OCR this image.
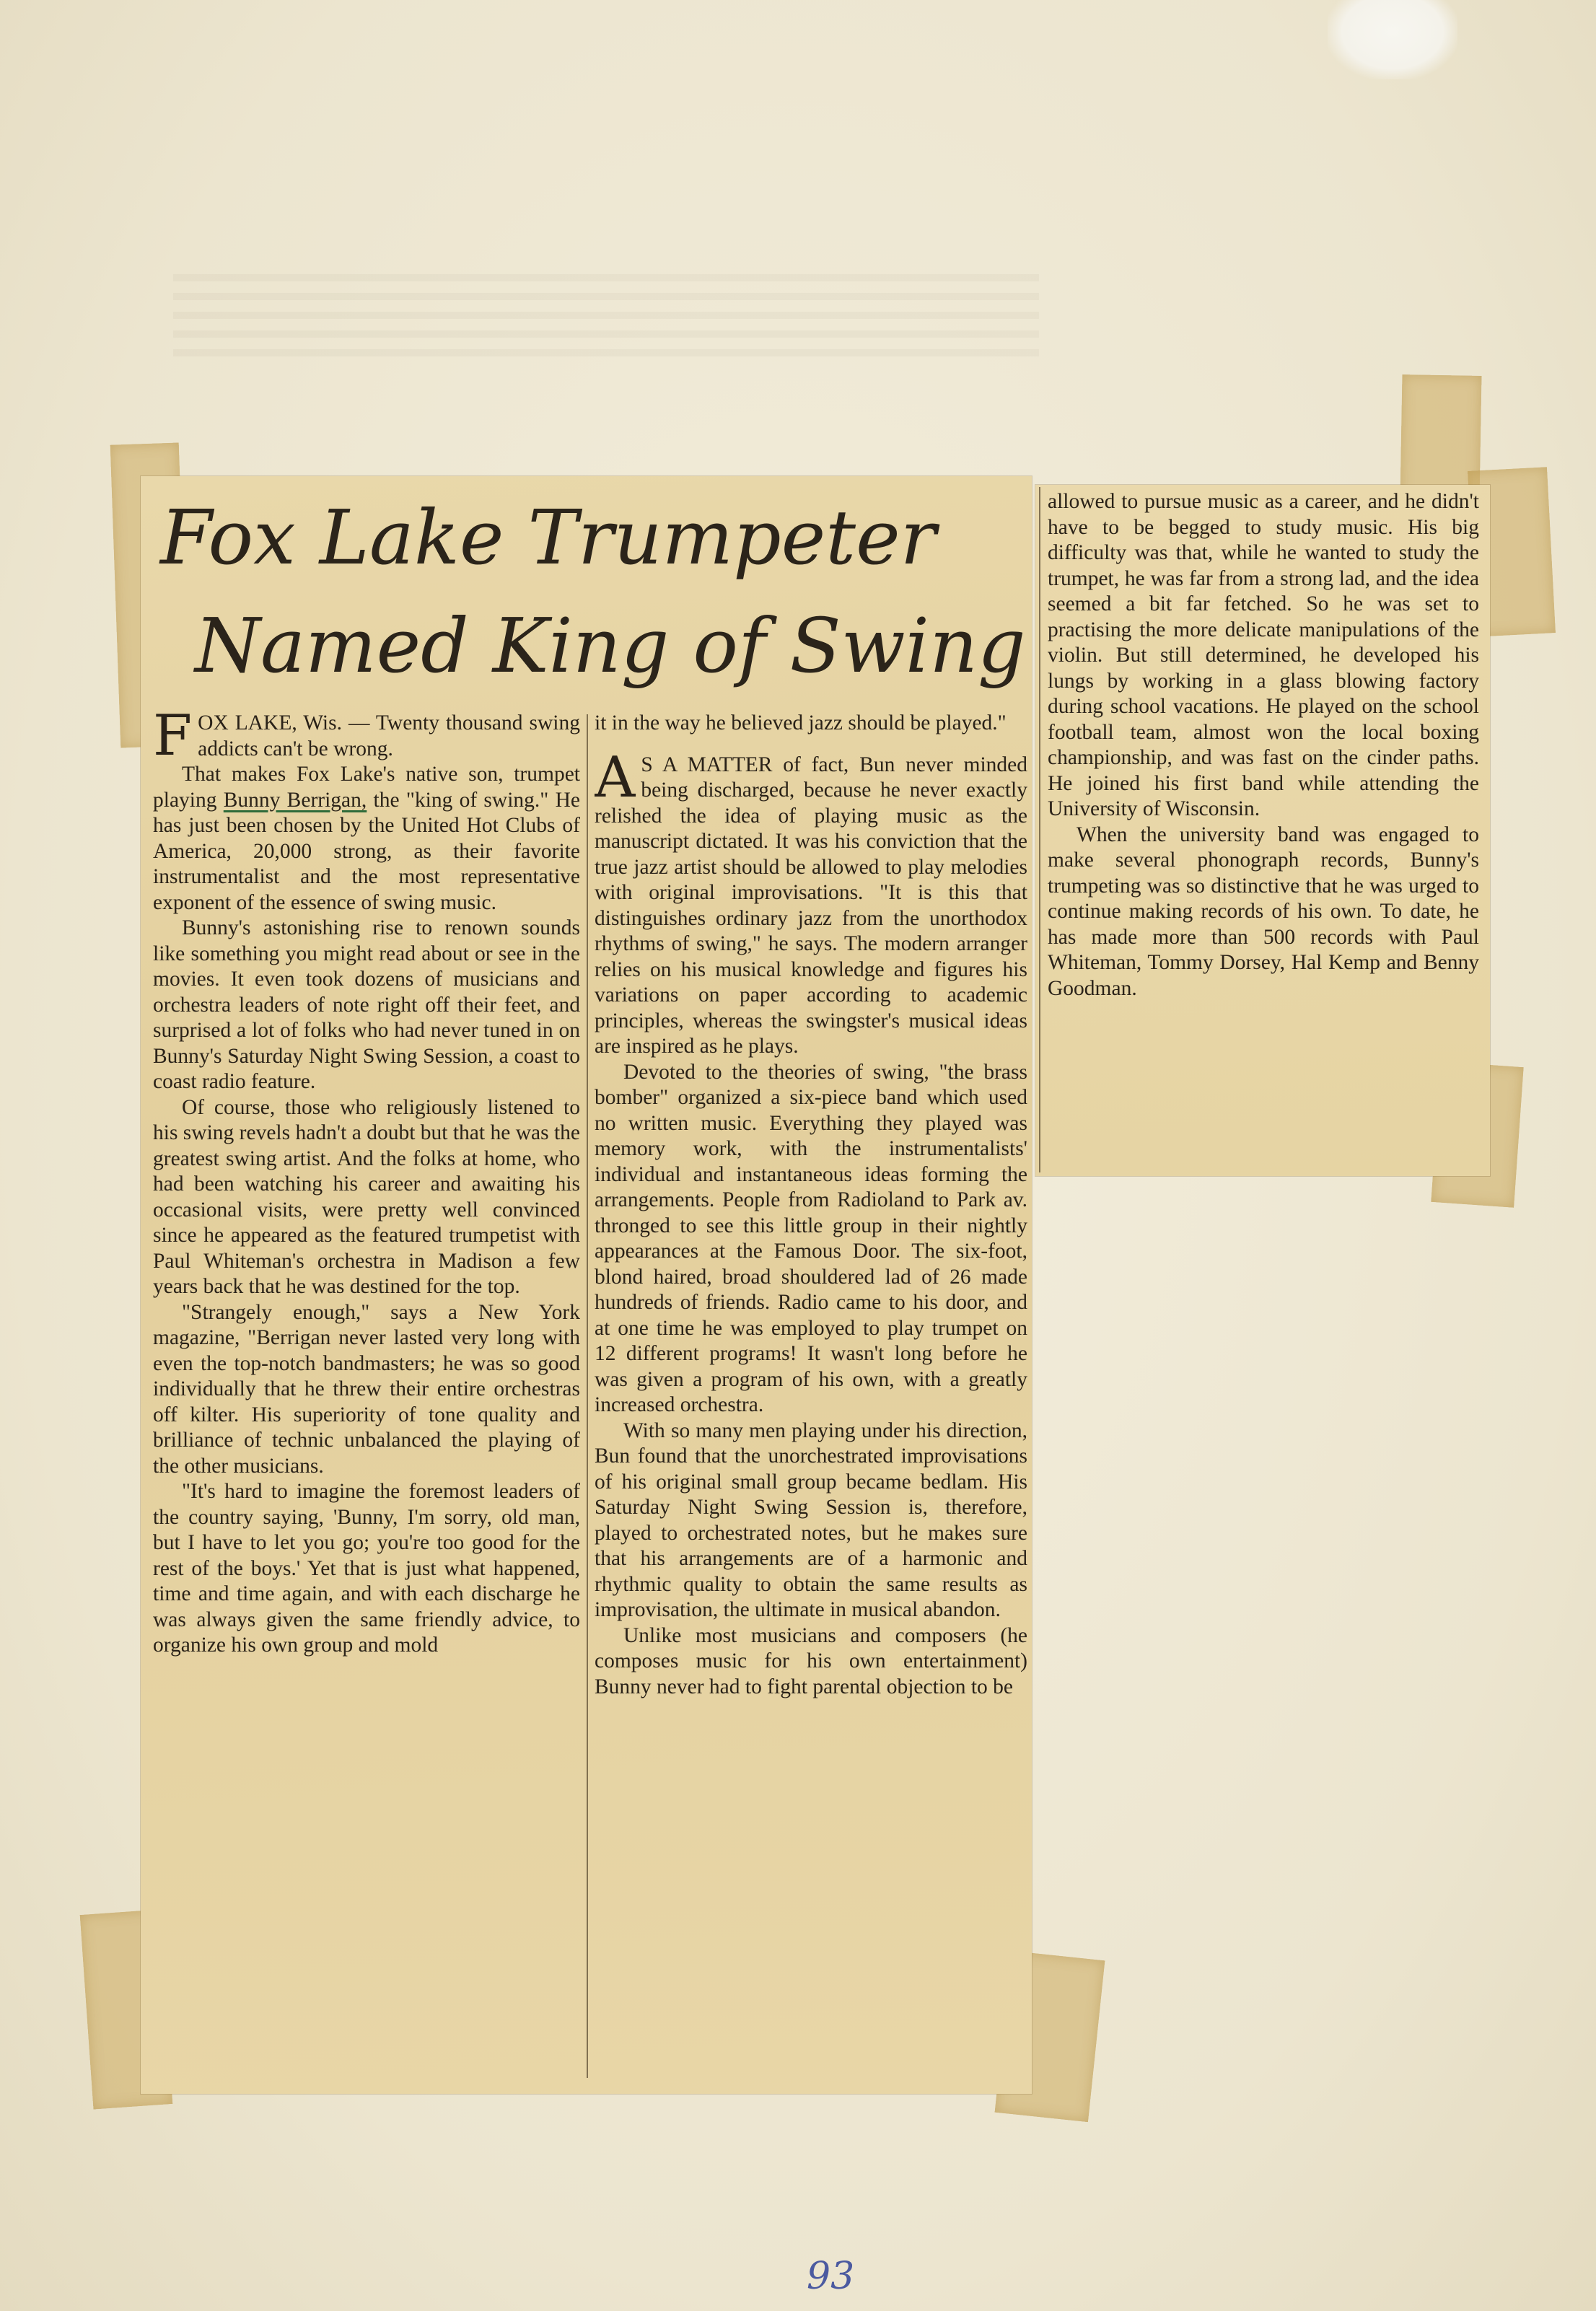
Fox Lake Trumpeter
Named King of Swing

FOX LAKE, Wis. — Twenty thousand swing addicts can't be wrong.

That makes Fox Lake's native son, trumpet playing Bunny Berrigan, the "king of swing." He has just been chosen by the United Hot Clubs of America, 20,000 strong, as their favorite instrumentalist and the most representative exponent of the essence of swing music.

Bunny's astonishing rise to renown sounds like something you might read about or see in the movies. It even took dozens of musicians and orchestra leaders of note right off their feet, and surprised a lot of folks who had never tuned in on Bunny's Saturday Night Swing Session, a coast to coast radio feature.

Of course, those who religiously listened to his swing revels hadn't a doubt but that he was the greatest swing artist. And the folks at home, who had been watching his career and awaiting his occasional visits, were pretty well convinced since he appeared as the featured trumpetist with Paul Whiteman's orchestra in Madison a few years back that he was destined for the top.

"Strangely enough," says a New York magazine, "Berrigan never lasted very long with even the top-notch bandmasters; he was so good individually that he threw their entire orchestras off kilter. His superiority of tone quality and brilliance of technic unbalanced the playing of the other musicians.

"It's hard to imagine the foremost leaders of the country saying, 'Bunny, I'm sorry, old man, but I have to let you go; you're too good for the rest of the boys.' Yet that is just what happened, time and time again, and with each discharge he was always given the same friendly advice, to organize his own group and mold

it in the way he believed jazz should be played."

A S A MATTER of fact, Bun never minded being discharged, because he never exactly relished the idea of playing music as the manuscript dictated. It was his conviction that the true jazz artist should be allowed to play melodies with original improvisations. "It is this that distinguishes ordinary jazz from the unorthodox rhythms of swing," he says. The modern arranger relies on his musical knowledge and figures his variations on paper according to academic principles, whereas the swingster's musical ideas are inspired as he plays.

Devoted to the theories of swing, "the brass bomber" organized a six-piece band which used no written music. Everything they played was memory work, with the instrumentalists' individual and instantaneous ideas forming the arrangements. People from Radioland to Park av. thronged to see this little group in their nightly appearances at the Famous Door. The six-foot, blond haired, broad shouldered lad of 26 made hundreds of friends. Radio came to his door, and at one time he was employed to play trumpet on 12 different programs! It wasn't long before he was given a program of his own, with a greatly increased orchestra.

With so many men playing under his direction, Bun found that the unorchestrated improvisations of his original small group became bedlam. His Saturday Night Swing Session is, therefore, played to orchestrated notes, but he makes sure that his arrangements are of a harmonic and rhythmic quality to obtain the same results as improvisation, the ultimate in musical abandon.

Unlike most musicians and composers (he composes music for his own entertainment) Bunny never had to fight parental objection to be

allowed to pursue music as a career, and he didn't have to be begged to study music. His big difficulty was that, while he wanted to study the trumpet, he was far from a strong lad, and the idea seemed a bit far fetched. So he was set to practising the more delicate manipulations of the violin. But still determined, he developed his lungs by working in a glass blowing factory during school vacations. He played on the school football team, almost won the local boxing championship, and was fast on the cinder paths. He joined his first band while attending the University of Wisconsin.

When the university band was engaged to make several phonograph records, Bunny's trumpeting was so distinctive that he was urged to continue making records of his own. To date, he has made more than 500 records with Paul Whiteman, Tommy Dorsey, Hal Kemp and Benny Goodman.

93
